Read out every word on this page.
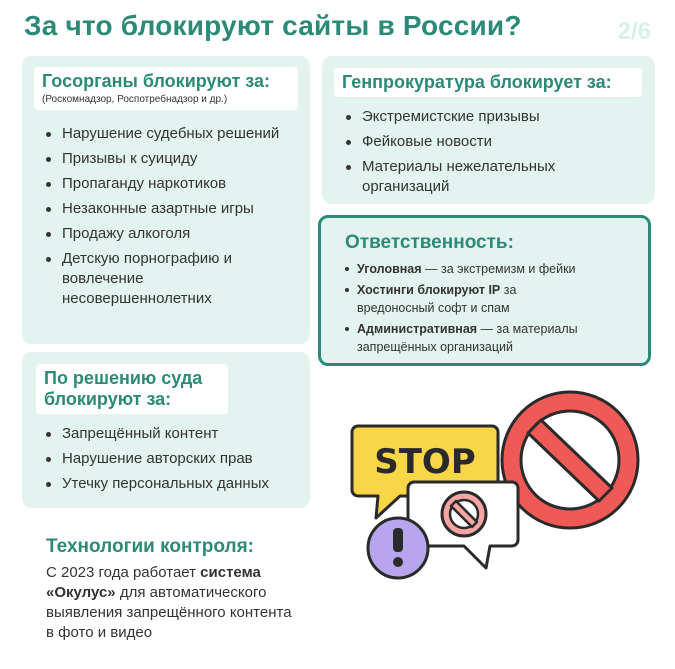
За что блокируют сайты в России?	2/6
Госорганы блокируют за:
(Роскомнадзор, Роспотребнадзор и др.)
Нарушение судебных решений
Призывы к суициду
Пропаганду наркотиков
Незаконные азартные игры
Продажу алкоголя
Детскую порнографию и вовлечение несовершеннолетних
Генпрокуратура блокирует за:
Экстремистские призывы
Фейковые новости
Материалы нежелательных организаций
Ответственность:
Уголовная — за экстремизм и фейки
Хостинги блокируют IP за вредоносный софт и спам
Административная — за материалы запрещённых организаций
По решению суда
блокируют за:
Запрещённый контент
Нарушение авторских прав
Утечку персональных данных
Технологии контроля:
С 2023 года работает система «Окулус» для автоматического выявления запрещённого контента в фото и видео
STOP
